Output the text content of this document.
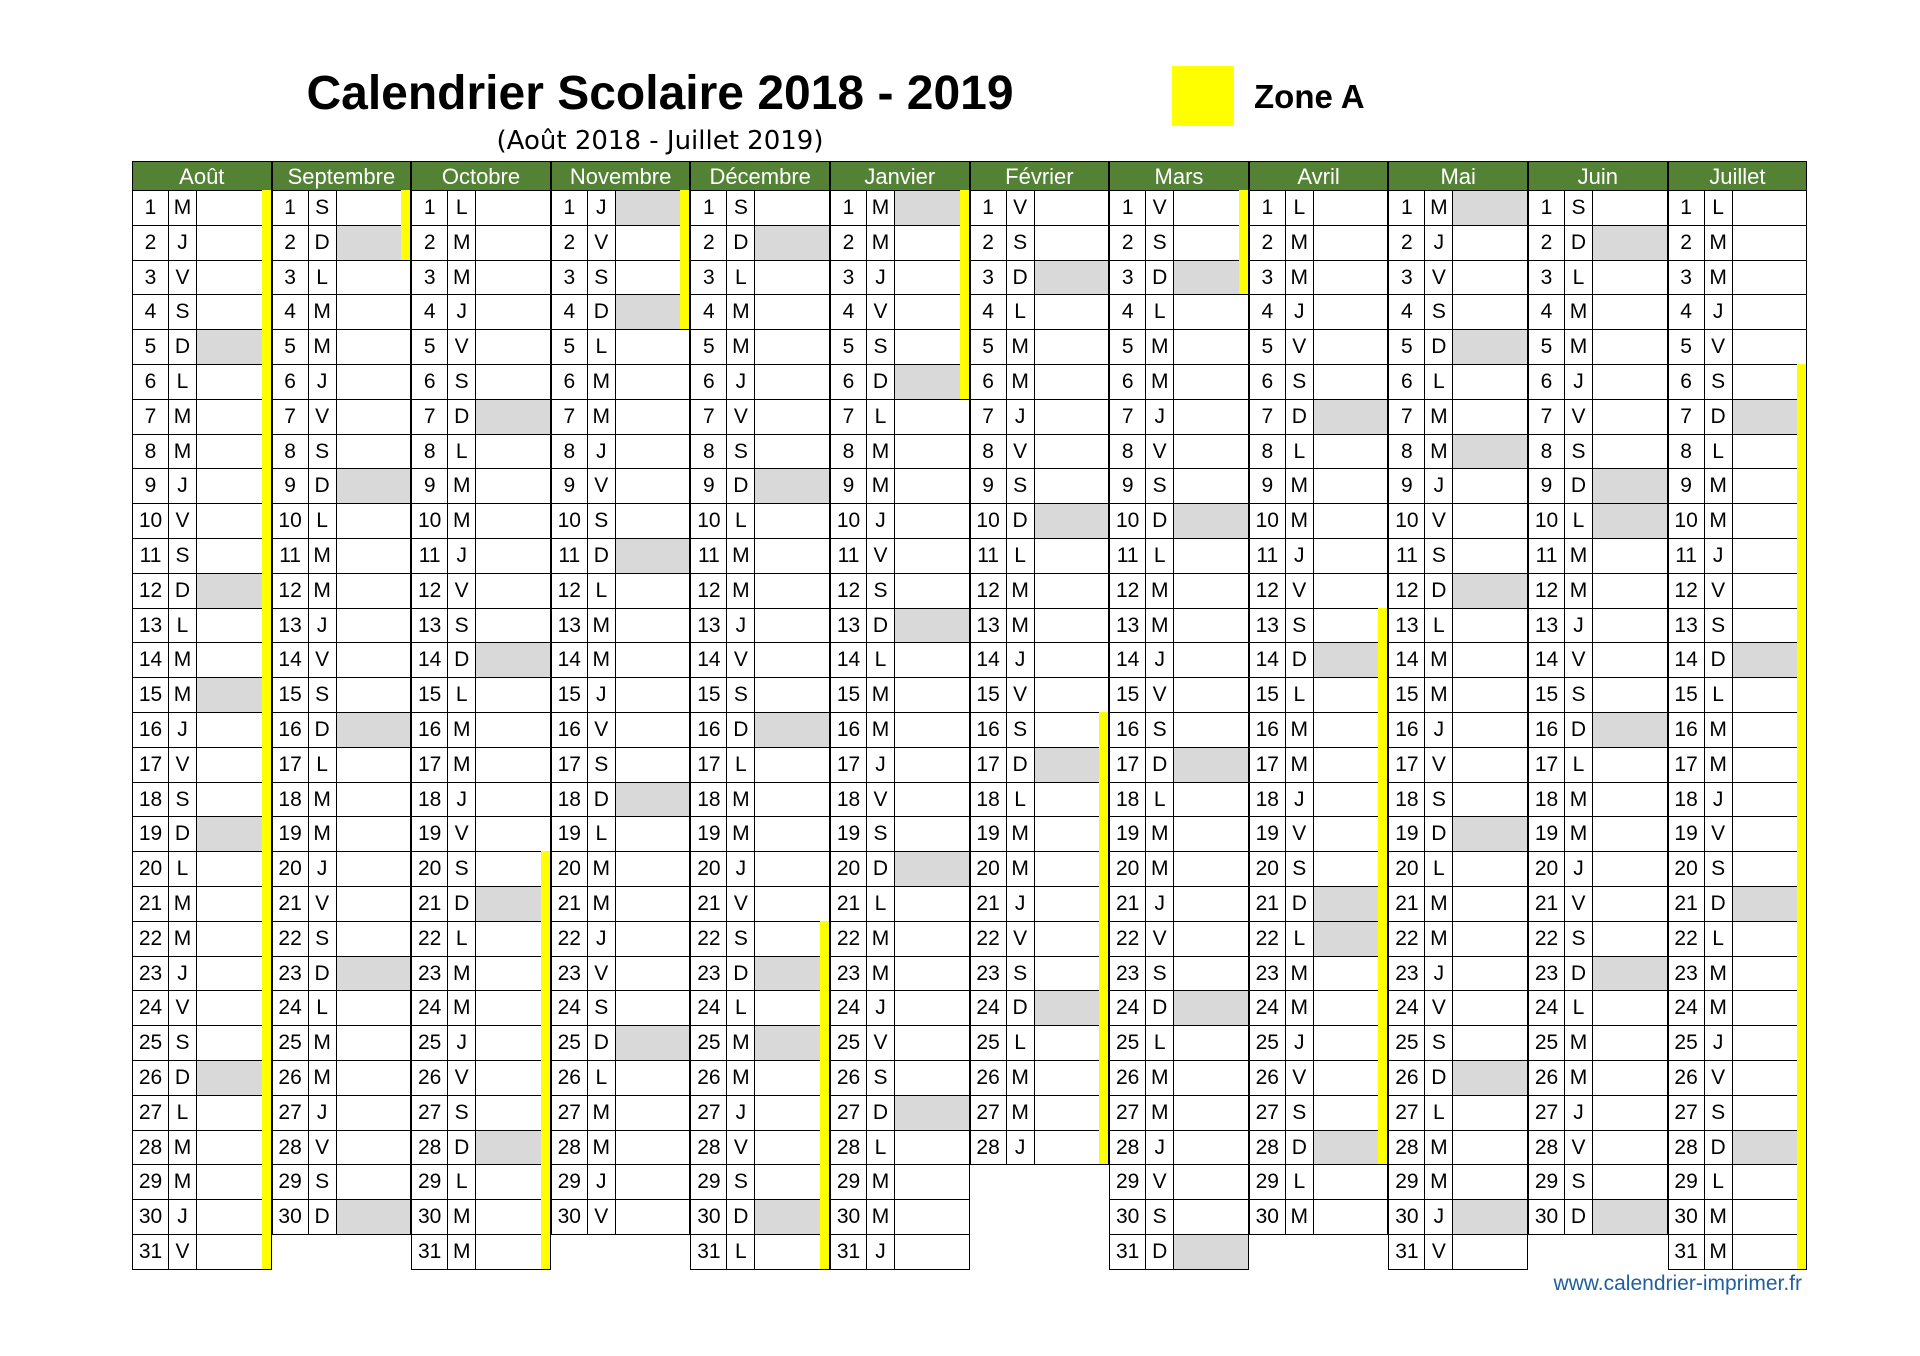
Calendrier Scolaire 2018 - 2019
(Août 2018 - Juillet 2019)
Zone A
Août
1 M
2 J
3 V
4 S
5 D
6 L
7 M
8 M
9 J
10 V
11 S
12 D
13 L
14 M
15 M
16 J
17 V
18 S
19 D
20 L
21 M
22 M
23 J
24 V
25 S
26 D
27 L
28 M
29 M
30 J
31 V
Septembre
1 S
2 D
3 L
4 M
5 M
6 J
7 V
8 S
9 D
10 L
11 M
12 M
13 J
14 V
15 S
16 D
17 L
18 M
19 M
20 J
21 V
22 S
23 D
24 L
25 M
26 M
27 J
28 V
29 S
30 D
Octobre
1 L
2 M
3 M
4 J
5 V
6 S
7 D
8 L
9 M
10 M
11 J
12 V
13 S
14 D
15 L
16 M
17 M
18 J
19 V
20 S
21 D
22 L
23 M
24 M
25 J
26 V
27 S
28 D
29 L
30 M
31 M
Novembre
1 J
2 V
3 S
4 D
5 L
6 M
7 M
8 J
9 V
10 S
11 D
12 L
13 M
14 M
15 J
16 V
17 S
18 D
19 L
20 M
21 M
22 J
23 V
24 S
25 D
26 L
27 M
28 M
29 J
30 V
Décembre
1 S
2 D
3 L
4 M
5 M
6 J
7 V
8 S
9 D
10 L
11 M
12 M
13 J
14 V
15 S
16 D
17 L
18 M
19 M
20 J
21 V
22 S
23 D
24 L
25 M
26 M
27 J
28 V
29 S
30 D
31 L
Janvier
1 M
2 M
3 J
4 V
5 S
6 D
7 L
8 M
9 M
10 J
11 V
12 S
13 D
14 L
15 M
16 M
17 J
18 V
19 S
20 D
21 L
22 M
23 M
24 J
25 V
26 S
27 D
28 L
29 M
30 M
31 J
Février
1 V
2 S
3 D
4 L
5 M
6 M
7 J
8 V
9 S
10 D
11 L
12 M
13 M
14 J
15 V
16 S
17 D
18 L
19 M
20 M
21 J
22 V
23 S
24 D
25 L
26 M
27 M
28 J
Mars
1 V
2 S
3 D
4 L
5 M
6 M
7 J
8 V
9 S
10 D
11 L
12 M
13 M
14 J
15 V
16 S
17 D
18 L
19 M
20 M
21 J
22 V
23 S
24 D
25 L
26 M
27 M
28 J
29 V
30 S
31 D
Avril
1 L
2 M
3 M
4 J
5 V
6 S
7 D
8 L
9 M
10 M
11 J
12 V
13 S
14 D
15 L
16 M
17 M
18 J
19 V
20 S
21 D
22 L
23 M
24 M
25 J
26 V
27 S
28 D
29 L
30 M
Mai
1 M
2 J
3 V
4 S
5 D
6 L
7 M
8 M
9 J
10 V
11 S
12 D
13 L
14 M
15 M
16 J
17 V
18 S
19 D
20 L
21 M
22 M
23 J
24 V
25 S
26 D
27 L
28 M
29 M
30 J
31 V
Juin
1 S
2 D
3 L
4 M
5 M
6 J
7 V
8 S
9 D
10 L
11 M
12 M
13 J
14 V
15 S
16 D
17 L
18 M
19 M
20 J
21 V
22 S
23 D
24 L
25 M
26 M
27 J
28 V
29 S
30 D
Juillet
1 L
2 M
3 M
4 J
5 V
6 S
7 D
8 L
9 M
10 M
11 J
12 V
13 S
14 D
15 L
16 M
17 M
18 J
19 V
20 S
21 D
22 L
23 M
24 M
25 J
26 V
27 S
28 D
29 L
30 M
31 M
www.calendrier-imprimer.fr
